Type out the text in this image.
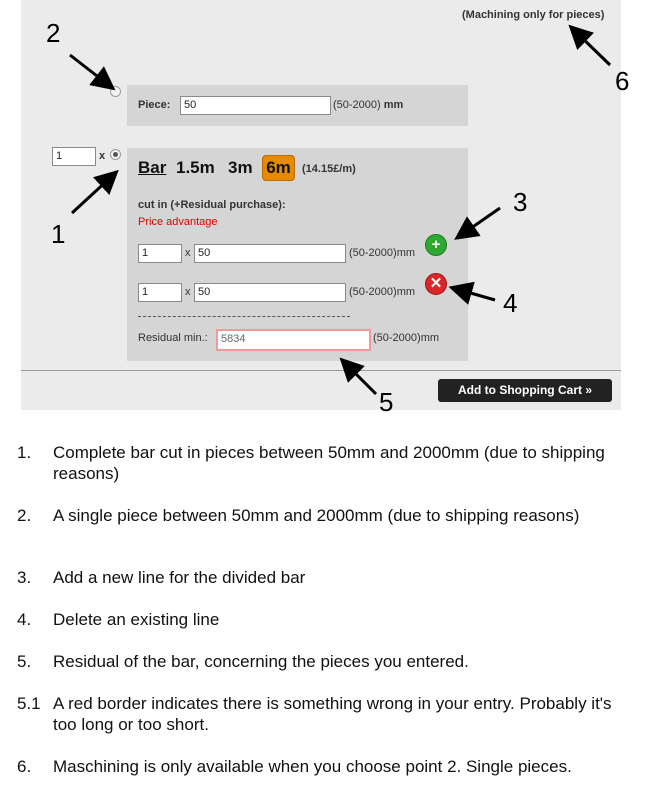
(Machining only for pieces)
Piece:	50	(50-2000) mm
1	x
Bar 1.5m 3m 6m	(14.15£/m)
cut in (+Residual purchase):
Price advantage
1	x 50	(50-2000)mm	+
1	x 50	(50-2000)mm ✕
Residual min.:	5834	(50-2000)mm
Add to Shopping Cart »
1
2
3
4
5
6
1. Complete bar cut in pieces between 50mm and 2000mm (due to shipping reasons)
2. A single piece between 50mm and 2000mm (due to shipping reasons)
3. Add a new line for the divided bar
4. Delete an existing line
5. Residual of the bar, concerning the pieces you entered.
5.1 A red border indicates there is something wrong in your entry. Probably it's too long or too short.
6. Maschining is only available when you choose point 2. Single pieces.
